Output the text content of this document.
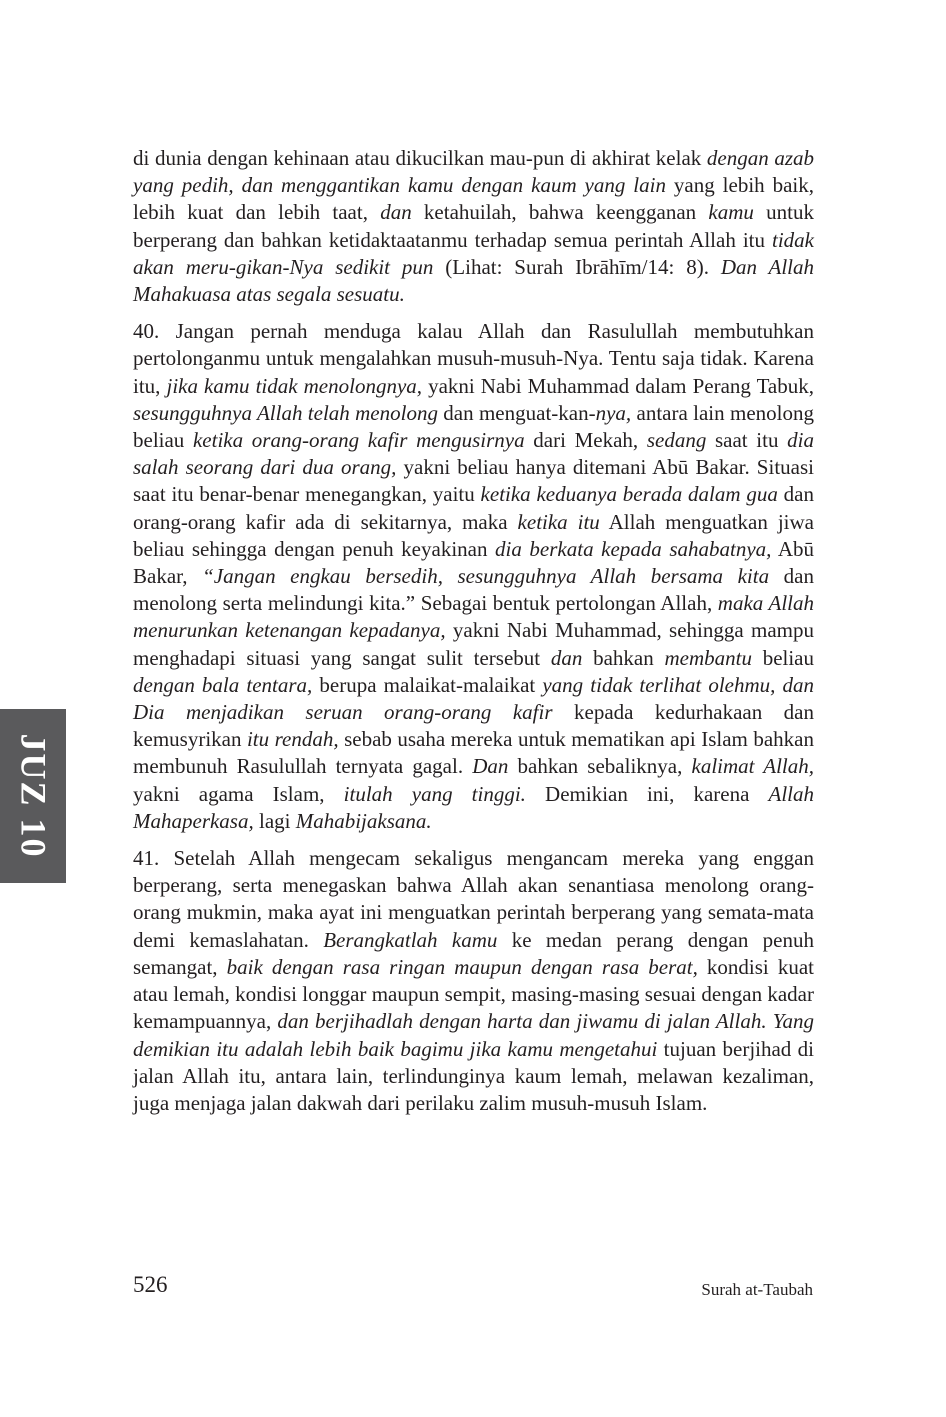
JUZ 10

di dunia dengan kehinaan atau dikucilkan mau-pun di akhirat kelak dengan azab yang pedih, dan menggantikan kamu dengan kaum yang lain yang lebih baik, lebih kuat dan lebih taat, dan ketahuilah, bahwa keengganan kamu untuk berperang dan bahkan ketidaktaatanmu terhadap semua perintah Allah itu tidak akan meru-gikan-Nya sedikit pun (Lihat: Surah Ibrāhīm/14: 8). Dan Allah Mahakuasa atas segala sesuatu.

40. Jangan pernah menduga kalau Allah dan Rasulullah membutuhkan pertolonganmu untuk mengalahkan musuh-musuh-Nya. Tentu saja tidak. Karena itu, jika kamu tidak menolongnya, yakni Nabi Muhammad dalam Perang Tabuk, sesungguhnya Allah telah menolong dan menguat-kan-nya, antara lain menolong beliau ketika orang-orang kafir mengusirnya dari Mekah, sedang saat itu dia salah seorang dari dua orang, yakni beliau hanya ditemani Abū Bakar. Situasi saat itu benar-benar menegangkan, yaitu ketika keduanya berada dalam gua dan orang-orang kafir ada di sekitarnya, maka ketika itu Allah menguatkan jiwa beliau sehingga dengan penuh keyakinan dia berkata kepada sahabatnya, Abū Bakar, “Jangan engkau bersedih, sesungguhnya Allah bersama kita dan menolong serta melindungi kita.” Sebagai bentuk pertolongan Allah, maka Allah menurunkan ketenangan kepadanya, yakni Nabi Muhammad, sehingga mampu menghadapi situasi yang sangat sulit tersebut dan bahkan membantu beliau dengan bala tentara, berupa malaikat-malaikat yang tidak terlihat olehmu, dan Dia menjadikan seruan orang-orang kafir kepada kedurhakaan dan kemusyrikan itu rendah, sebab usaha mereka untuk mematikan api Islam bahkan membunuh Rasulullah ternyata gagal. Dan bahkan sebaliknya, kalimat Allah, yakni agama Islam, itulah yang tinggi. Demikian ini, karena Allah Mahaperkasa, lagi Mahabijaksana.

41. Setelah Allah mengecam sekaligus mengancam mereka yang enggan berperang, serta menegaskan bahwa Allah akan senantiasa menolong orang-orang mukmin, maka ayat ini menguatkan perintah berperang yang semata-mata demi kemaslahatan. Berangkatlah kamu ke medan perang dengan penuh semangat, baik dengan rasa ringan maupun dengan rasa berat, kondisi kuat atau lemah, kondisi longgar maupun sempit, masing-masing sesuai dengan kadar kemampuannya, dan berjihadlah dengan harta dan jiwamu di jalan Allah. Yang demikian itu adalah lebih baik bagimu jika kamu mengetahui tujuan berjihad di jalan Allah itu, antara lain, terlindunginya kaum lemah, melawan kezaliman, juga menjaga jalan dakwah dari perilaku zalim musuh-musuh Islam.

526	Surah at-Taubah
